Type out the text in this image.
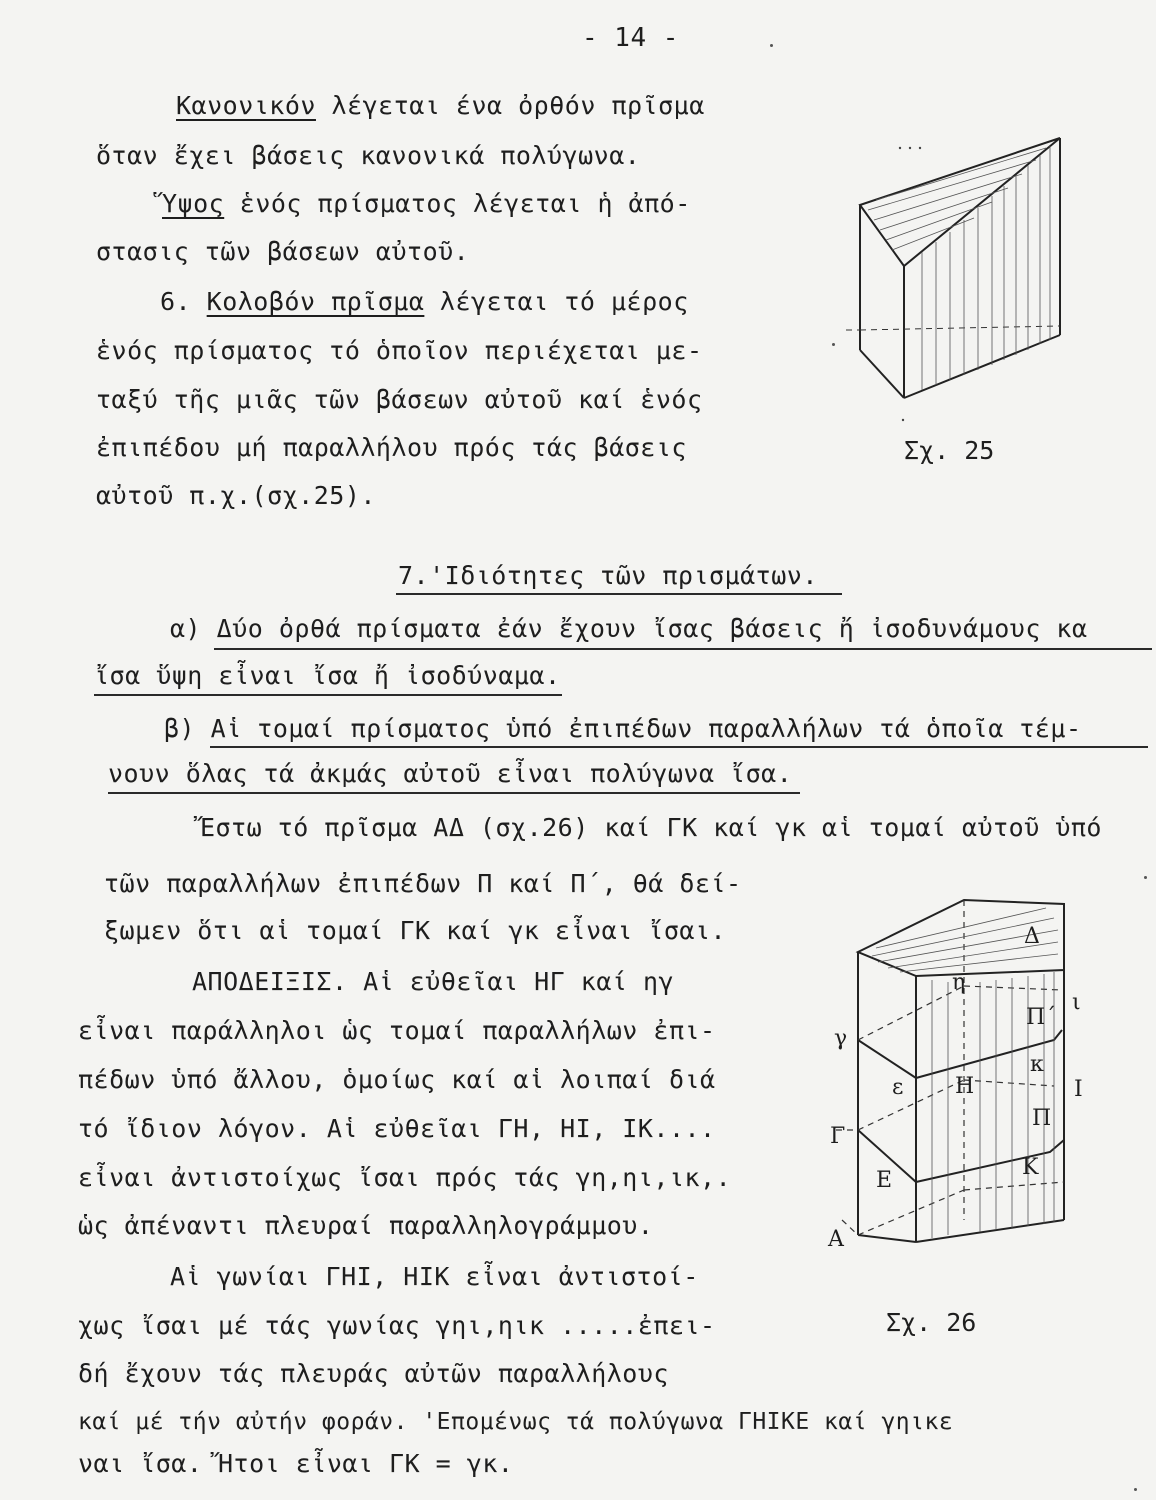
- 14 -
Κανονικόν λέγεται ένα ὀρθόν πρῖσμα
ὅταν ἔχει βάσεις κανονικά πολύγωνα.
Ὕψος ἑνός πρίσματος λέγεται ἡ ἀπό-
στασις τῶν βάσεων αὐτοῦ.
6. Κολοβόν πρῖσμα λέγεται τό μέρος
ἑνός πρίσματος τό ὁποῖον περιέχεται με-
ταξύ τῆς μιᾶς τῶν βάσεων αὐτοῦ καί ἑνός
ἐπιπέδου μή παραλλήλου πρός τάς βάσεις
αὐτοῦ π.χ.(σχ.25).
Σχ. 25
7.'Ιδιότητες τῶν πρισμάτων.
α) Δύο ὀρθά πρίσματα ἐάν ἔχουν ἴσας βάσεις ἤ ἰσοδυνάμους κα
ἴσα ὕψη εἶναι ἴσα ἤ ἰσοδύναμα.
β) Αἱ τομαί πρίσματος ὑπό ἐπιπέδων παραλλήλων τά ὁποῖα τέμ-
νουν ὅλας τά ἀκμάς αὐτοῦ εἶναι πολύγωνα ἴσα.
Ἔστω τό πρῖσμα ΑΔ (σχ.26) καί ΓΚ καί γκ αἱ τομαί αὐτοῦ ὑπό
τῶν παραλλήλων ἐπιπέδων Π καί Π΄, θά δεί-
ξωμεν ὅτι αἱ τομαί ΓΚ καί γκ εἶναι ἴσαι.
ΑΠΟΔΕΙΞΙΣ. Αἱ εὐθεῖαι ΗΓ καί ηγ
εἶναι παράλληλοι ὡς τομαί παραλλήλων ἐπι-
πέδων ὑπό ἄλλου, ὁμοίως καί αἱ λοιπαί διά
τό ἴδιον λόγον. Αἱ εὐθεῖαι ΓΗ, ΗΙ, ΙΚ....
εἶναι ἀντιστοίχως ἴσαι πρός τάς γη,ηι,ικ,.
ὡς ἀπέναντι πλευραί παραλληλογράμμου.
Αἱ γωνίαι ΓΗΙ, ΗΙΚ εἶναι ἀντιστοί-
χως ἴσαι μέ τάς γωνίας γηι,ηικ .....ἐπει-
δή ἔχουν τάς πλευράς αὐτῶν παραλλήλους
καί μέ τήν αὐτήν φοράν. 'Επομένως τά πολύγωνα ΓΗΙΚΕ καί γηικε
ναι ἴσα. Ἤτοι εἶναι ΓΚ = γκ.
Δ
η
ι
Π΄
γ
κ
ε Η	Ι
Π
Γ
Κ
Ε
Α
Σχ. 26
